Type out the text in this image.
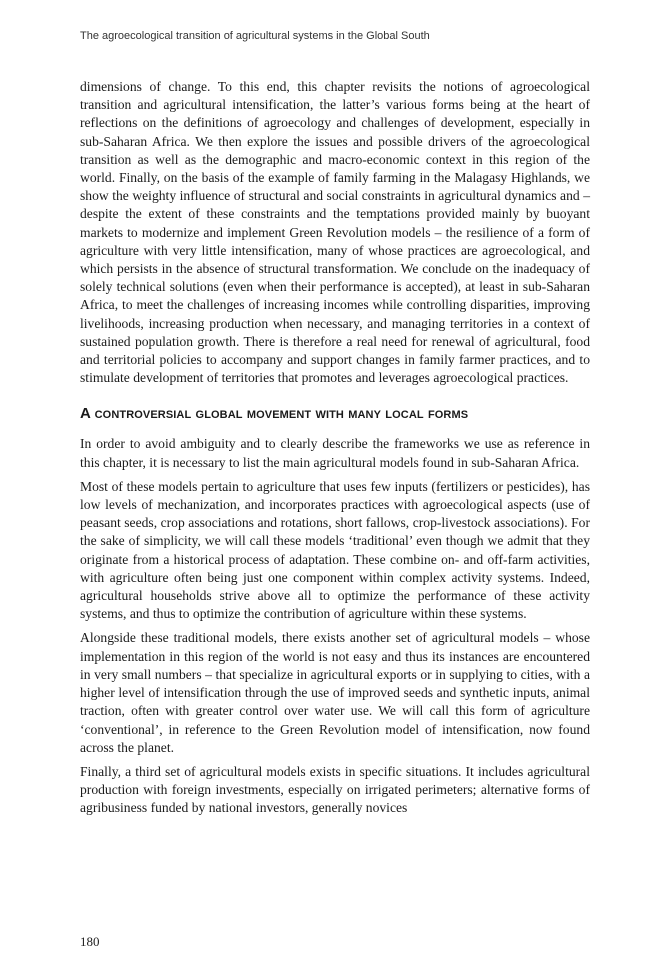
The agroecological transition of agricultural systems in the Global South

dimensions of change. To this end, this chapter revisits the notions of agroecological transition and agricultural intensification, the latter’s various forms being at the heart of reflections on the definitions of agroecology and challenges of development, especially in sub-Saharan Africa. We then explore the issues and possible drivers of the agroecological transition as well as the demographic and macro-economic context in this region of the world. Finally, on the basis of the example of family farming in the Malagasy Highlands, we show the weighty influence of structural and social constraints in agricultural dynamics and – despite the extent of these constraints and the temptations provided mainly by buoyant markets to modernize and implement Green Revolution models – the resilience of a form of agriculture with very little intensification, many of whose practices are agroecological, and which persists in the absence of structural transformation. We conclude on the inadequacy of solely technical solutions (even when their performance is accepted), at least in sub-Saharan Africa, to meet the challenges of increasing incomes while controlling disparities, improving livelihoods, increasing production when necessary, and managing territories in a context of sustained population growth. There is therefore a real need for renewal of agricultural, food and territorial policies to accompany and support changes in family farmer practices, and to stimulate development of territories that promotes and leverages agroecological practices.

A controversial global movement with many local forms

In order to avoid ambiguity and to clearly describe the frameworks we use as reference in this chapter, it is necessary to list the main agricultural models found in sub-Saharan Africa.

Most of these models pertain to agriculture that uses few inputs (fertilizers or pesticides), has low levels of mechanization, and incorporates practices with agroecological aspects (use of peasant seeds, crop associations and rotations, short fallows, crop-livestock associations). For the sake of simplicity, we will call these models ‘traditional’ even though we admit that they originate from a historical process of adaptation. These combine on- and off-farm activities, with agriculture often being just one component within complex activity systems. Indeed, agricultural households strive above all to optimize the performance of these activity systems, and thus to optimize the contribution of agriculture within these systems.

Alongside these traditional models, there exists another set of agricultural models – whose implementation in this region of the world is not easy and thus its instances are encountered in very small numbers – that specialize in agricultural exports or in supplying to cities, with a higher level of intensification through the use of improved seeds and synthetic inputs, animal traction, often with greater control over water use. We will call this form of agriculture ‘conventional’, in reference to the Green Revolution model of intensification, now found across the planet.

Finally, a third set of agricultural models exists in specific situations. It includes agricultural production with foreign investments, especially on irrigated perimeters; alternative forms of agribusiness funded by national investors, generally novices

180
